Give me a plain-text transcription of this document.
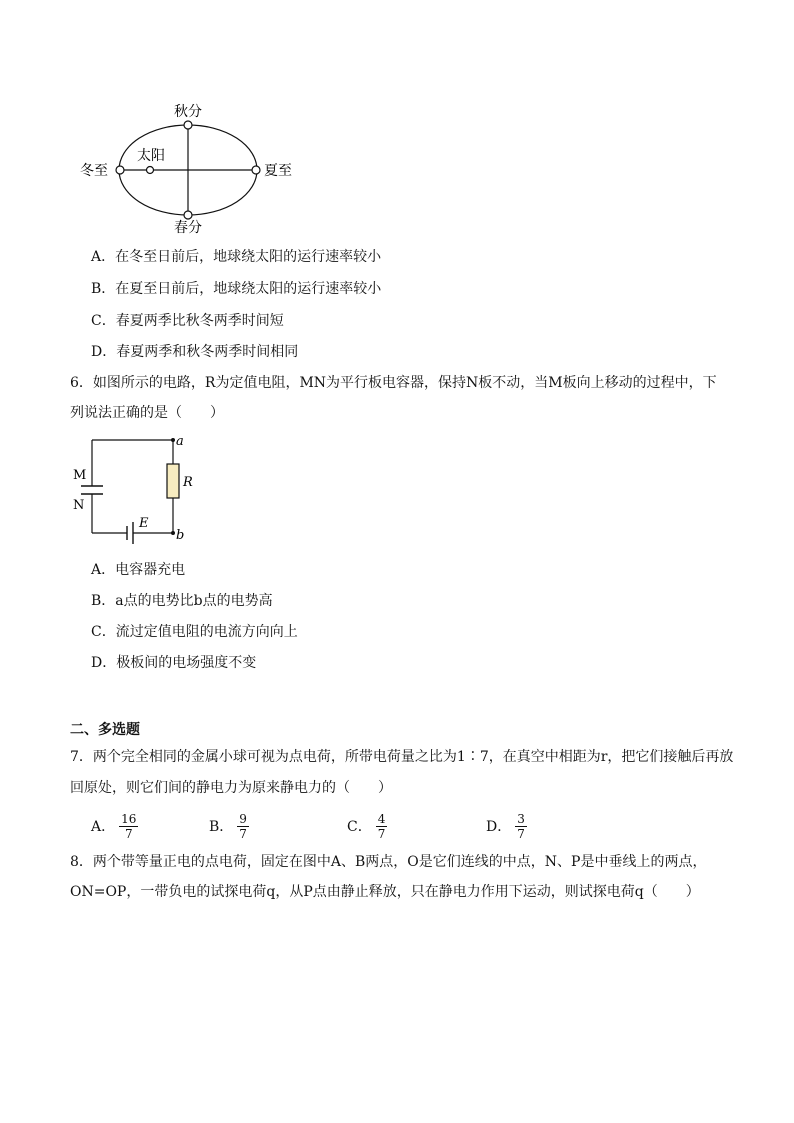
秋分
冬至
太阳
夏至
春分
A．在冬至日前后，地球绕太阳的运行速率较小
B．在夏至日前后，地球绕太阳的运行速率较小
C．春夏两季比秋冬两季时间短
D．春夏两季和秋冬两季时间相同
6．如图所示的电路，R为定值电阻，MN为平行板电容器，保持N板不动，当M板向上移动的过程中，下
列说法正确的是（　　）
a
b
R
E
M
N
A．电容器充电
B．a点的电势比b点的电势高
C．流过定值电阻的电流方向向上
D．极板间的电场强度不变
二、多选题
7．两个完全相同的金属小球可视为点电荷，所带电荷量之比为1∶7，在真空中相距为r，把它们接触后再放
回原处，则它们间的静电力为原来静电力的（　　）
A． $\frac{16}{7}$	B． $\frac{9}{7}$	C． $\frac{4}{7}$	D． $\frac{3}{7}$
8．两个带等量正电的点电荷，固定在图中A、B两点，O是它们连线的中点，N、P是中垂线上的两点，
ON=OP，一带负电的试探电荷q，从P点由静止释放，只在静电力作用下运动，则试探电荷q（　　）
